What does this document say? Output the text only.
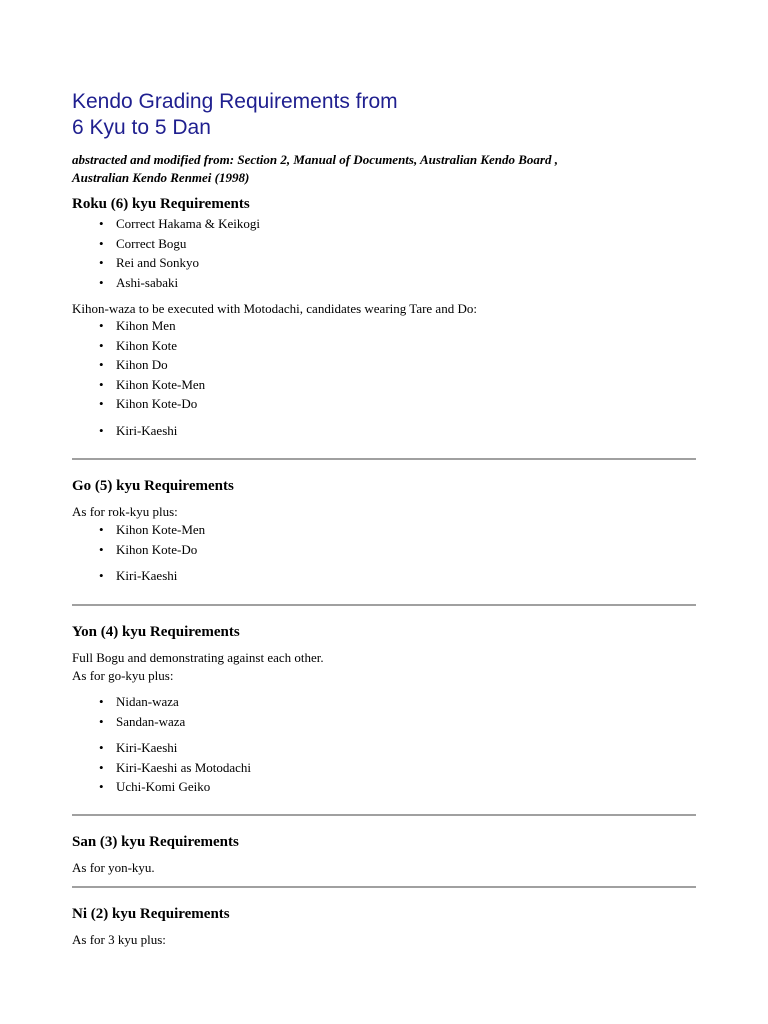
Kendo Grading Requirements from
6 Kyu to 5 Dan

abstracted and modified from: Section 2, Manual of Documents, Australian Kendo Board ,
Australian Kendo Renmei (1998)

Roku (6) kyu Requirements
• Correct Hakama & Keikogi
• Correct Bogu
• Rei and Sonkyo
• Ashi-sabaki

Kihon-waza to be executed with Motodachi, candidates wearing Tare and Do:

• Kihon Men
• Kihon Kote
• Kihon Do
• Kihon Kote-Men
• Kihon Kote-Do
• Kiri-Kaeshi
Go (5) kyu Requirements

As for rok-kyu plus:

• Kihon Kote-Men
• Kihon Kote-Do
• Kiri-Kaeshi
Yon (4) kyu Requirements

Full Bogu and demonstrating against each other.
As for go-kyu plus:

• Nidan-waza
• Sandan-waza
• Kiri-Kaeshi
• Kiri-Kaeshi as Motodachi
• Uchi-Komi Geiko
San (3) kyu Requirements

As for yon-kyu.

Ni (2) kyu Requirements

As for 3 kyu plus:
